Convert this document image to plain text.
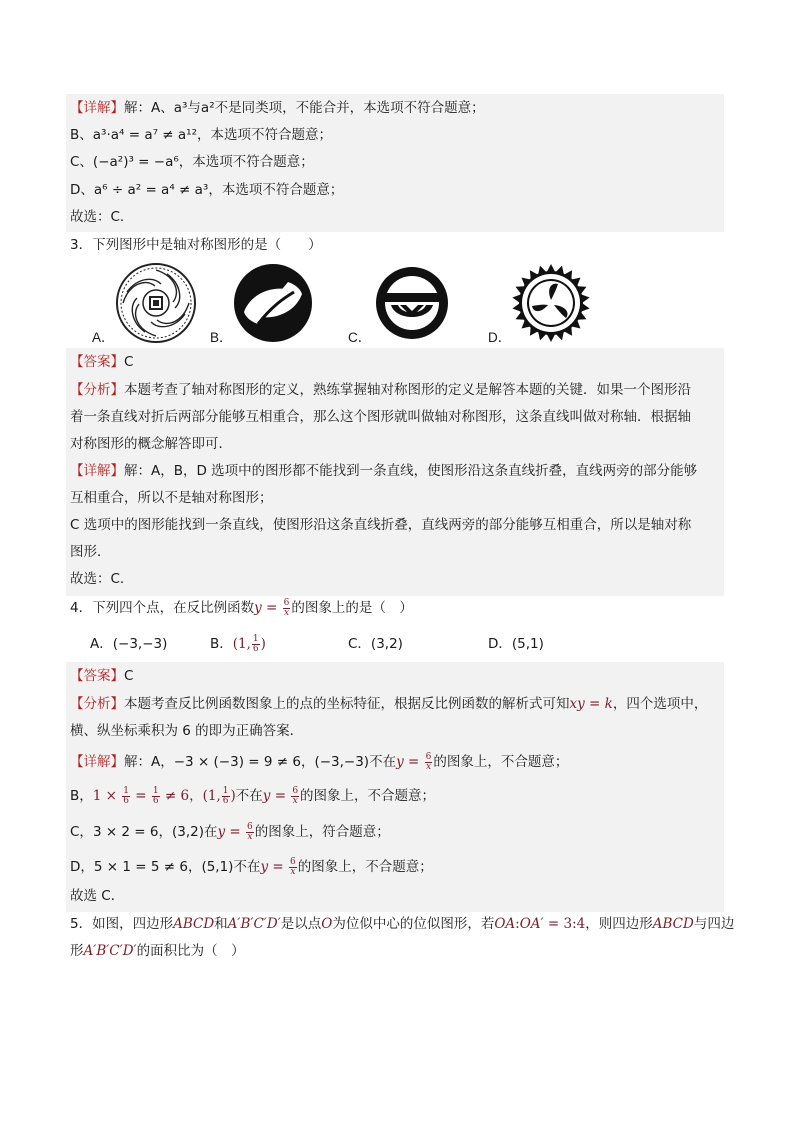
【详解】解：A、a³与a²不是同类项，不能合并，本选项不符合题意；
B、a³·a⁴ = a⁷ ≠ a¹²，本选项不符合题意；
C、(−a²)³ = −a⁶，本选项不符合题意；
D、a⁶ ÷ a² = a⁴ ≠ a³，本选项不符合题意；
故选：C．
3．下列图形中是轴对称图形的是（　　）
A．	B．	C．	D．
【答案】C
【分析】本题考查了轴对称图形的定义，熟练掌握轴对称图形的定义是解答本题的关键．如果一个图形沿
着一条直线对折后两部分能够互相重合，那么这个图形就叫做轴对称图形，这条直线叫做对称轴．根据轴
对称图形的概念解答即可．
【详解】解：A，B，D 选项中的图形都不能找到一条直线，使图形沿这条直线折叠，直线两旁的部分能够
互相重合，所以不是轴对称图形；
C 选项中的图形能找到一条直线，使图形沿这条直线折叠，直线两旁的部分能够互相重合，所以是轴对称
图形．
故选：C．
4．下列四个点，在反比例函数$y = \frac{6}{x}$ 的图象上的是（　）
A．(−3,−3)	B．(1, $\frac{1}{6}$ )	C．(3,2)	D．(5,1)
【答案】C
【分析】本题考查反比例函数图象上的点的坐标特征，根据反比例函数的解析式可知xy = k，四个选项中，
横、纵坐标乘积为 6 的即为正确答案．
【详解】解：A，−3 × (−3) = 9 ≠ 6，(−3,−3)不在$y = \frac{6}{x}$ 的图象上，不合题意；
B，$1 \times \frac{1}{6} = \frac{1}{6} \ne 6$，(1, $\frac{1}{6}$ )不在$y = \frac{6}{x}$ 的图象上，不合题意；
C，3 × 2 = 6，(3,2)在$y = \frac{6}{x}$ 的图象上，符合题意；
D，5 × 1 = 5 ≠ 6，(5,1)不在$y = \frac{6}{x}$ 的图象上，不合题意；
故选 C．
5．如图，四边形ABCD和A′B′C′D′是以点O为位似中心的位似图形，若OA:OA′ = 3:4，则四边形ABCD与四边
形A′B′C′D′的面积比为（　）
